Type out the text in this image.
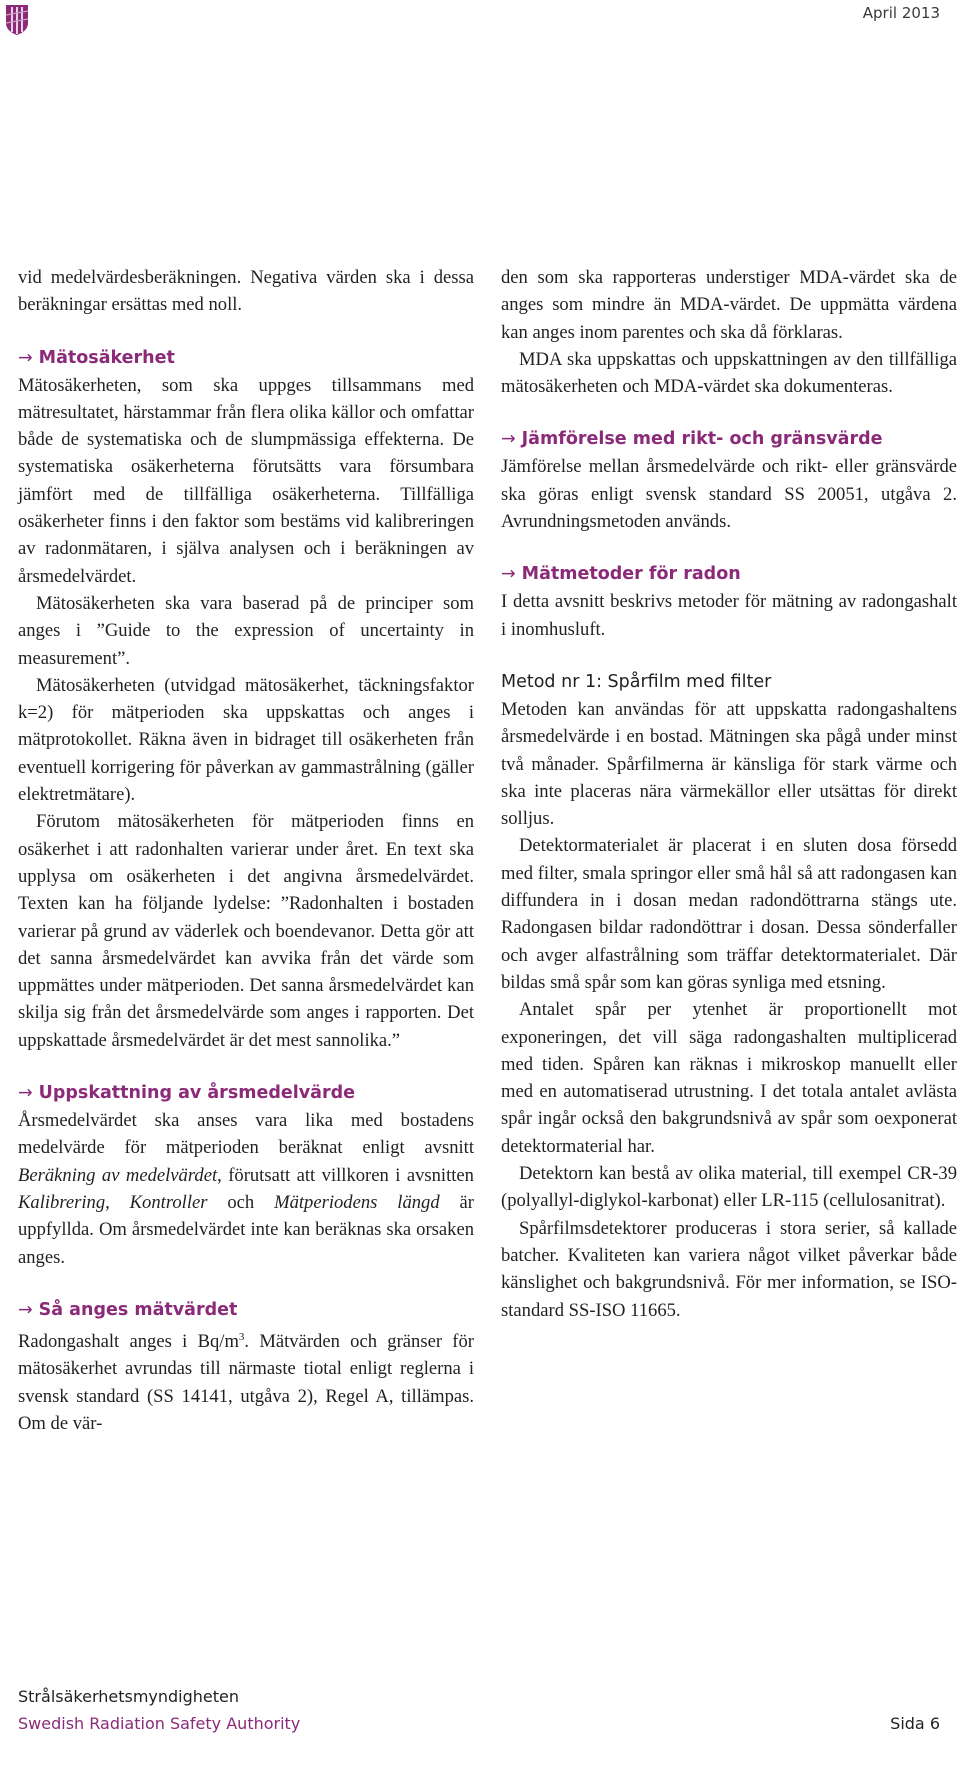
April 2013

vid medelvärdesberäkningen. Negativa värden ska i dessa beräkningar ersättas med noll.

→ Mätosäkerhet

Mätosäkerheten, som ska uppges tillsammans med mätresultatet, härstammar från flera olika källor och omfattar både de systematiska och de slumpmässiga effekterna. De systematiska osäkerheterna förutsätts vara försumbara jämfört med de tillfälliga osäkerheterna. Tillfälliga osäkerheter finns i den faktor som bestäms vid kalibreringen av radonmätaren, i själva analysen och i beräkningen av årsmedelvärdet.

Mätosäkerheten ska vara baserad på de principer som anges i ”Guide to the expression of uncertainty in measurement”.

Mätosäkerheten (utvidgad mätosäkerhet, täckningsfaktor k=2) för mätperioden ska uppskattas och anges i mätprotokollet. Räkna även in bidraget till osäkerheten från eventuell korrigering för påverkan av gammastrålning (gäller elektretmätare).

Förutom mätosäkerheten för mätperioden finns en osäkerhet i att radonhalten varierar under året. En text ska upplysa om osäkerheten i det angivna årsmedelvärdet. Texten kan ha följande lydelse: ”Radonhalten i bostaden varierar på grund av väderlek och boendevanor. Detta gör att det sanna årsmedelvärdet kan avvika från det värde som uppmättes under mätperioden. Det sanna årsmedelvärdet kan skilja sig från det årsmedelvärde som anges i rapporten. Det uppskattade årsmedelvärdet är det mest sannolika.”

→ Uppskattning av årsmedelvärde

Årsmedelvärdet ska anses vara lika med bostadens medelvärde för mätperioden beräknat enligt avsnitt Beräkning av medelvärdet, förutsatt att villkoren i avsnitten Kalibrering, Kontroller och Mätperiodens längd är uppfyllda. Om årsmedelvärdet inte kan beräknas ska orsaken anges.

→ Så anges mätvärdet

Radongashalt anges i $Bq/m^3$. Mätvärden och gränser för mätosäkerhet avrundas till närmaste tiotal enligt reglerna i svensk standard (SS 14141, utgåva 2), Regel A, tillämpas. Om de vär-

den som ska rapporteras understiger MDA-värdet ska de anges som mindre än MDA-värdet. De uppmätta värdena kan anges inom parentes och ska då förklaras.

MDA ska uppskattas och uppskattningen av den tillfälliga mätosäkerheten och MDA-värdet ska dokumenteras.

→ Jämförelse med rikt- och gränsvärde

Jämförelse mellan årsmedelvärde och rikt- eller gränsvärde ska göras enligt svensk standard SS 20051, utgåva 2. Avrundningsmetoden används.

→ Mätmetoder för radon

I detta avsnitt beskrivs metoder för mätning av radongashalt i inomhusluft.

Metod nr 1: Spårfilm med filter

Metoden kan användas för att uppskatta radongashaltens årsmedelvärde i en bostad. Mätningen ska pågå under minst två månader. Spårfilmerna är känsliga för stark värme och ska inte placeras nära värmekällor eller utsättas för direkt solljus.

Detektormaterialet är placerat i en sluten dosa försedd med filter, smala springor eller små hål så att radongasen kan diffundera in i dosan medan radondöttrarna stängs ute. Radongasen bildar radondöttrar i dosan. Dessa sönderfaller och avger alfastrålning som träffar detektormaterialet. Där bildas små spår som kan göras synliga med etsning.

Antalet spår per ytenhet är proportionellt mot exponeringen, det vill säga radongashalten multiplicerad med tiden. Spåren kan räknas i mikroskop manuellt eller med en automatiserad utrustning. I det totala antalet avlästa spår ingår också den bakgrundsnivå av spår som oexponerat detektormaterial har.

Detektorn kan bestå av olika material, till exempel CR-39 (polyallyl-diglykol-karbonat) eller LR-115 (cellulosanitrat).

Spårfilmsdetektorer produceras i stora serier, så kallade batcher. Kvaliteten kan variera något vilket påverkar både känslighet och bakgrundsnivå. För mer information, se ISO-standard SS-ISO 11665.

Strålsäkerhetsmyndigheten
Swedish Radiation Safety Authority	Sida 6
